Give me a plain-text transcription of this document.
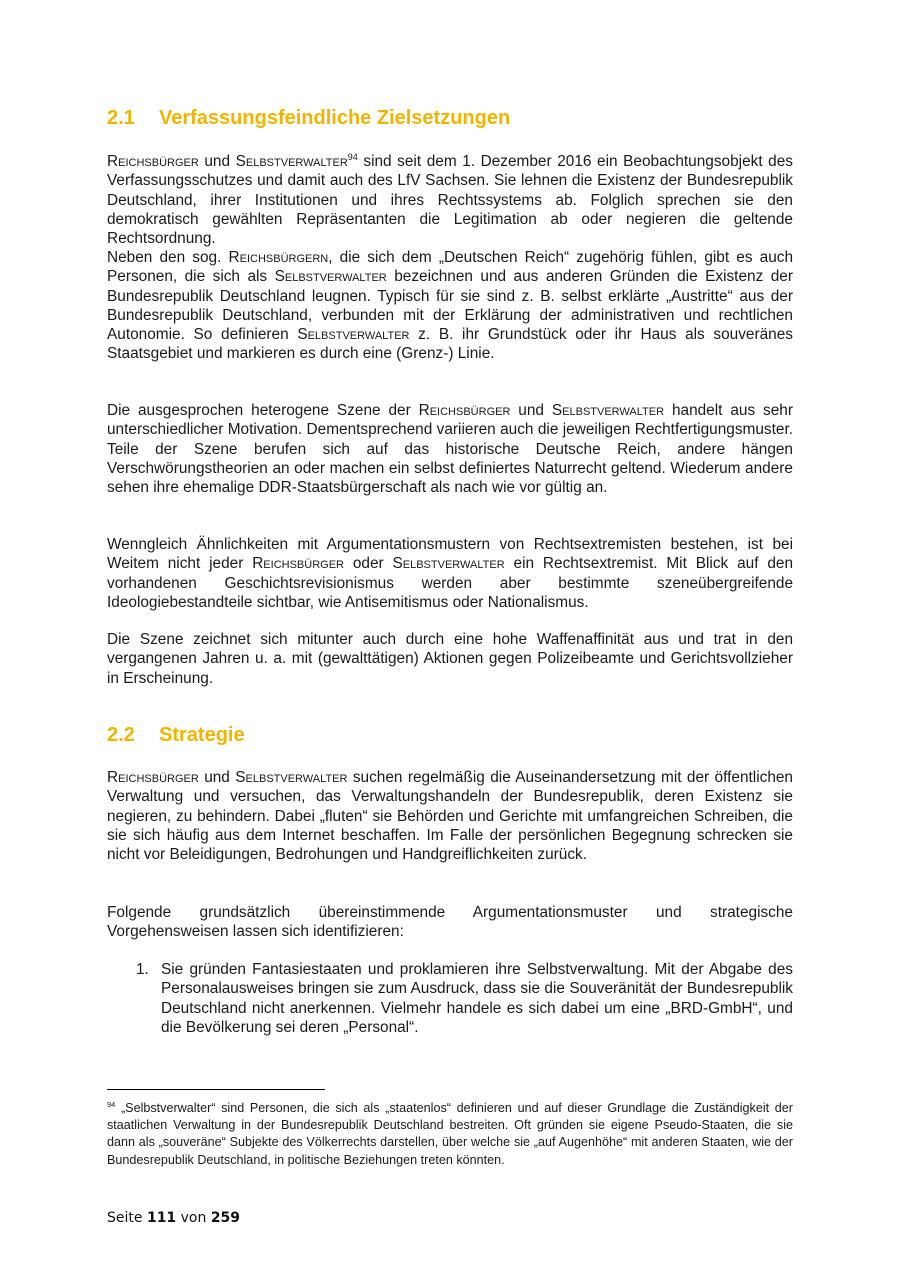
2.1 Verfassungsfeindliche Zielsetzungen

Reichsbürger und Selbstverwalter$^{94}$ sind seit dem 1. Dezember 2016 ein Beobachtungsobjekt des Verfassungsschutzes und damit auch des LfV Sachsen. Sie lehnen die Existenz der Bundesrepublik Deutschland, ihrer Institutionen und ihres Rechtssystems ab. Folglich sprechen sie den demokratisch gewählten Repräsentanten die Legitimation ab oder negieren die geltende Rechtsordnung.

Neben den sog. Reichsbürgern, die sich dem „Deutschen Reich“ zugehörig fühlen, gibt es auch Personen, die sich als Selbstverwalter bezeichnen und aus anderen Gründen die Existenz der Bundesrepublik Deutschland leugnen. Typisch für sie sind z. B. selbst erklärte „Austritte“ aus der Bundesrepublik Deutschland, verbunden mit der Erklärung der administrativen und rechtlichen Autonomie. So definieren Selbstverwalter z. B. ihr Grundstück oder ihr Haus als souveränes Staatsgebiet und markieren es durch eine (Grenz-) Linie.

Die ausgesprochen heterogene Szene der Reichsbürger und Selbstverwalter handelt aus sehr unterschiedlicher Motivation. Dementsprechend variieren auch die jeweiligen Rechtfertigungsmuster. Teile der Szene berufen sich auf das historische Deutsche Reich, andere hängen Verschwörungstheorien an oder machen ein selbst definiertes Naturrecht geltend. Wiederum andere sehen ihre ehemalige DDR-Staatsbürgerschaft als nach wie vor gültig an.

Wenngleich Ähnlichkeiten mit Argumentationsmustern von Rechtsextremisten bestehen, ist bei Weitem nicht jeder Reichsbürger oder Selbstverwalter ein Rechtsextremist. Mit Blick auf den vorhandenen Geschichtsrevisionismus werden aber bestimmte szeneübergreifende Ideologiebestandteile sichtbar, wie Antisemitismus oder Nationalismus.

Die Szene zeichnet sich mitunter auch durch eine hohe Waffenaffinität aus und trat in den vergangenen Jahren u. a. mit (gewalttätigen) Aktionen gegen Polizeibeamte und Gerichtsvollzieher in Erscheinung.

2.2 Strategie

Reichsbürger und Selbstverwalter suchen regelmäßig die Auseinandersetzung mit der öffentlichen Verwaltung und versuchen, das Verwaltungshandeln der Bundesrepublik, deren Existenz sie negieren, zu behindern. Dabei „fluten“ sie Behörden und Gerichte mit umfangreichen Schreiben, die sie sich häufig aus dem Internet beschaffen. Im Falle der persönlichen Begegnung schrecken sie nicht vor Beleidigungen, Bedrohungen und Handgreiflichkeiten zurück.

Folgende grundsätzlich übereinstimmende Argumentationsmuster und strategische Vorgehensweisen lassen sich identifizieren:

1. Sie gründen Fantasiestaaten und proklamieren ihre Selbstverwaltung. Mit der Abgabe des Personalausweises bringen sie zum Ausdruck, dass sie die Souveränität der Bundesrepublik Deutschland nicht anerkennen. Vielmehr handele es sich dabei um eine „BRD-GmbH“, und die Bevölkerung sei deren „Personal“.

$^{94}$ „Selbstverwalter“ sind Personen, die sich als „staatenlos“ definieren und auf dieser Grundlage die Zuständigkeit der staatlichen Verwaltung in der Bundesrepublik Deutschland bestreiten. Oft gründen sie eigene Pseudo-Staaten, die sie dann als „souveräne“ Subjekte des Völkerrechts darstellen, über welche sie „auf Augenhöhe“ mit anderen Staaten, wie der Bundesrepublik Deutschland, in politische Beziehungen treten könnten.

Seite 111 von 259
